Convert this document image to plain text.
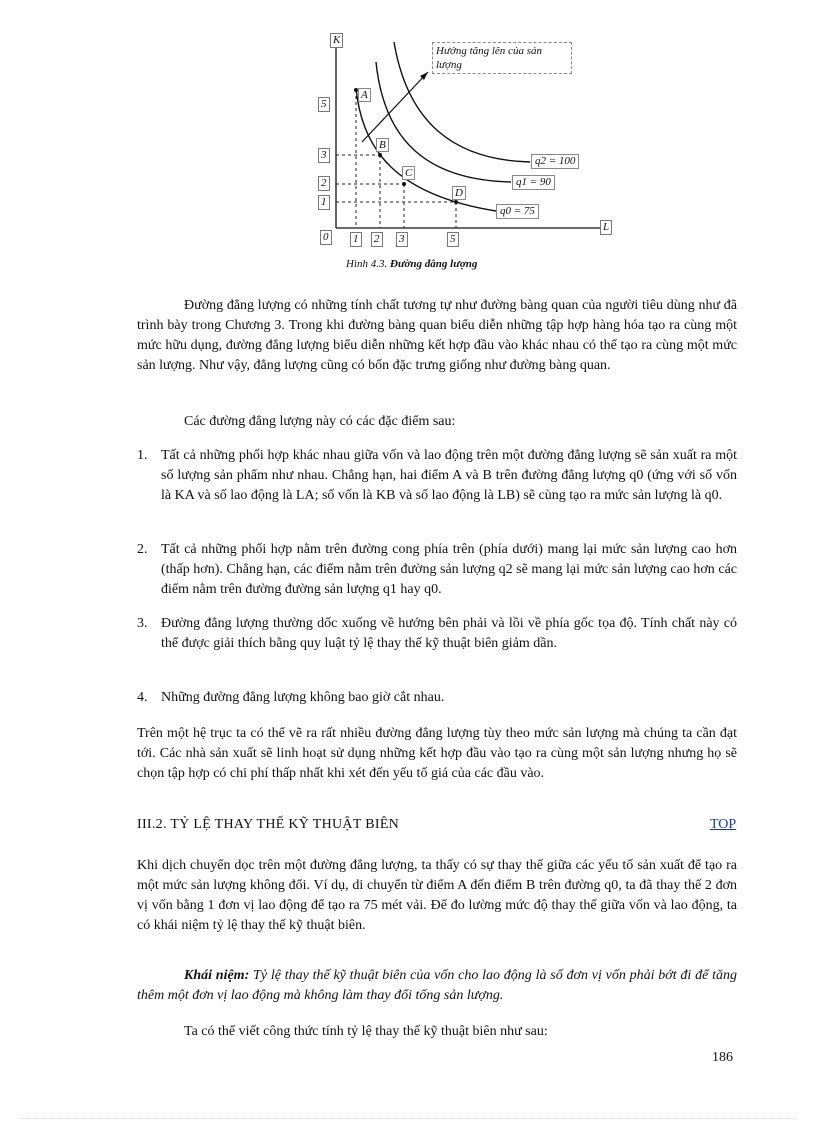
K
L
0
5
3
2
1
1 2 3	5
A
B
C
D
q2 = 100
q1 = 90
q0 = 75
Hướng tăng lên của sản lượng
Hình 4.3. Đường đẳng lượng
Đường đẳng lượng có những tính chất tương tự như đường bàng quan của người tiêu dùng như đã trình bày trong Chương 3. Trong khi đường bàng quan biểu diễn những tập hợp hàng hóa tạo ra cùng một mức hữu dụng, đường đẳng lượng biểu diễn những kết hợp đầu vào khác nhau có thể tạo ra cùng một mức sản lượng. Như vậy, đẳng lượng cũng có bốn đặc trưng giống như đường bàng quan.
Các đường đẳng lượng này có các đặc điểm sau:
1. Tất cả những phối hợp khác nhau giữa vốn và lao động trên một đường đẳng lượng sẽ sản xuất ra một số lượng sản phẩm như nhau. Chẳng hạn, hai điểm A và B trên đường đẳng lượng q0 (ứng với số vốn là KA và số lao động là LA; số vốn là KB và số lao động là LB) sẽ cùng tạo ra mức sản lượng là q0.
2. Tất cả những phối hợp nằm trên đường cong phía trên (phía dưới) mang lại mức sản lượng cao hơn (thấp hơn). Chẳng hạn, các điểm nằm trên đường sản lượng q2 sẽ mang lại mức sản lượng cao hơn các điểm nằm trên đường đường sản lượng q1 hay q0.
3. Đường đẳng lượng thường dốc xuống về hướng bên phải và lồi về phía gốc tọa độ. Tính chất này có thể được giải thích bằng quy luật tỷ lệ thay thế kỹ thuật biên giảm dần.
4. Những đường đẳng lượng không bao giờ cắt nhau.
Trên một hệ trục ta có thể vẽ ra rất nhiều đường đẳng lượng tùy theo mức sản lượng mà chúng ta cần đạt tới. Các nhà sản xuất sẽ linh hoạt sử dụng những kết hợp đầu vào tạo ra cùng một sản lượng nhưng họ sẽ chọn tập hợp có chi phí thấp nhất khi xét đến yếu tố giá của các đầu vào.
III.2. TỶ LỆ THAY THẾ KỸ THUẬT BIÊN	TOP
Khi dịch chuyển dọc trên một đường đẳng lượng, ta thấy có sự thay thế giữa các yếu tố sản xuất để tạo ra một mức sản lượng không đổi. Ví dụ, di chuyển từ điểm A đến điểm B trên đường q0, ta đã thay thế 2 đơn vị vốn bằng 1 đơn vị lao động để tạo ra 75 mét vải. Để đo lường mức độ thay thế giữa vốn và lao động, ta có khái niệm tỷ lệ thay thế kỹ thuật biên.
Khái niệm: Tỷ lệ thay thế kỹ thuật biên của vốn cho lao động là số đơn vị vốn phải bớt đi để tăng thêm một đơn vị lao động mà không làm thay đổi tổng sản lượng.
Ta có thể viết công thức tính tỷ lệ thay thế kỹ thuật biên như sau:
186
